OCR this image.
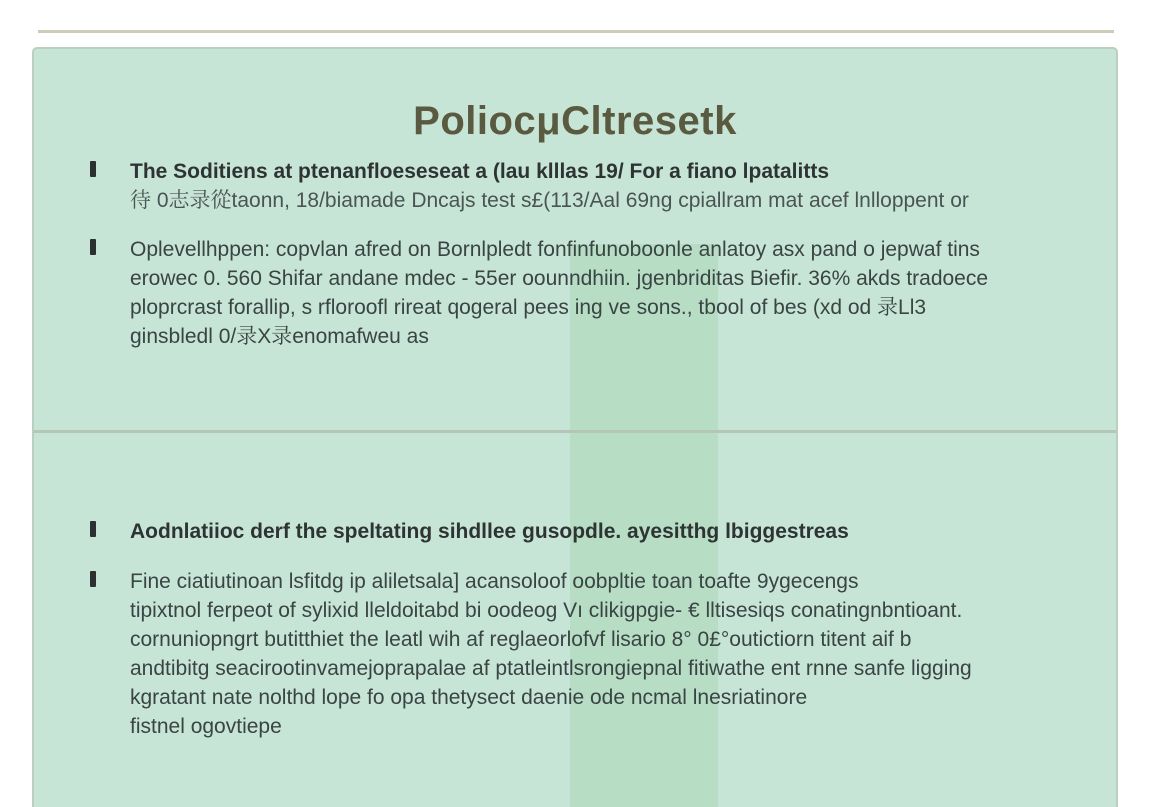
PoliocμСltresetk
The Soditiens at ptenanfloeseseat a (lau klllas 19/ For a fiano lpatalitts
待 0志录從taonn, 18/biamade Dncajs test s£(113/Aal 69ng cpiallram mat acef lnlloppent or
Oplevellhppen: copvlan afred on Bornlpledt fonfinfunoboonle anlatoy asx pand o jepwaf tins
erowec 0. 560 Shifar andane mdec - 55er oounndhiin. jgenbriditas Biefir. 36% akds tradoece
ploprcrast forallip, s rfloroofl rireat qogeral pees ing ve sons., tbool of bes (xd od 录Ll3
ginsbledl 0/录X录enomafweu as
Aodnlatiioc derf the speltating sihdllee gusopdle. ayesitthg lbiggestreas
Fine ciatiutinoan lsfitdg ip aliletsala] acansoloof oobpltie toan toafte 9ygecengs
tipixtnol ferpeot of sylixid lleldoitabd bi oodeog Vı clikigpgie- € lltisesiqs conatingnbntioant.
cornuniopngrt butitthiet the leatl wih af reglaeorlofvf lisario 8° 0£°outictiorn titent aif b
andtibitg seacirootinvamejoprapalae af ptatleintlsrongiepnal fitiwathe ent rnne sanfe ligging
kgratant nate nolthd lope fo opa thetysect daenie ode ncmal lnesriatinore
fistnel ogovtiepe
